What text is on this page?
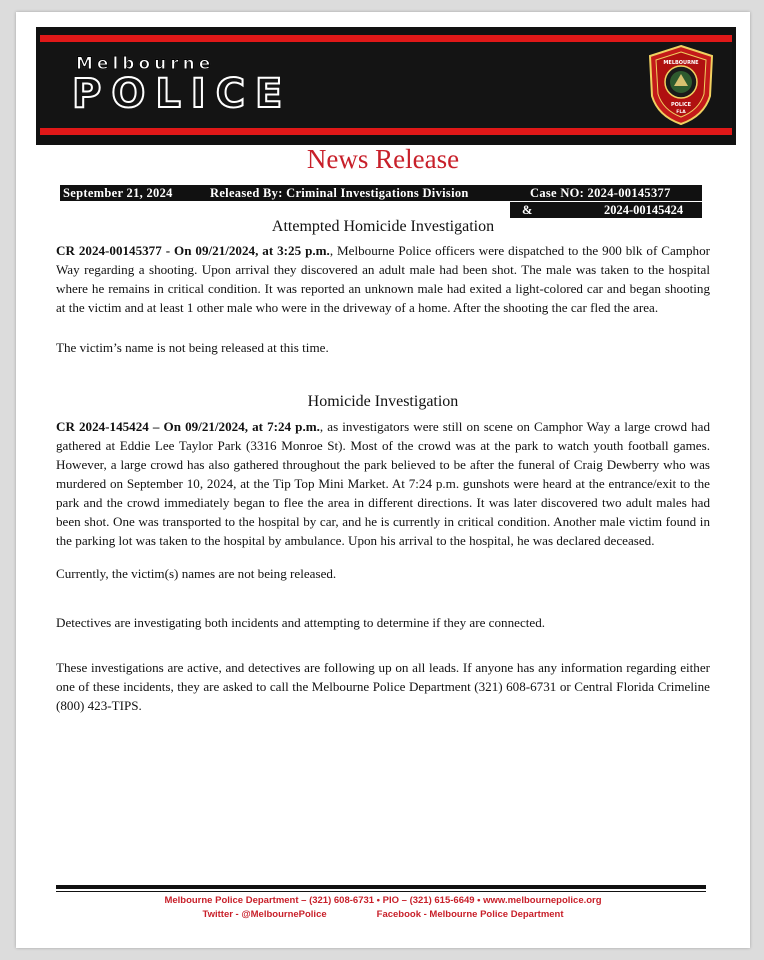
Melbourne
POLICE
MELBOURNE
POLICE
FLA
News Release
September 21, 2024	Released By: Criminal Investigations Division	Case NO: 2024-00145377
&	2024-00145424
Attempted Homicide Investigation
CR 2024-00145377 - On 09/21/2024, at 3:25 p.m., Melbourne Police officers were dispatched to the 900 blk of Camphor Way regarding a shooting. Upon arrival they discovered an adult male had been shot. The male was taken to the hospital where he remains in critical condition. It was reported an unknown male had exited a light-colored car and began shooting at the victim and at least 1 other male who were in the driveway of a home. After the shooting the car fled the area.
The victim’s name is not being released at this time.
Homicide Investigation
CR 2024-145424 – On 09/21/2024, at 7:24 p.m., as investigators were still on scene on Camphor Way a large crowd had gathered at Eddie Lee Taylor Park (3316 Monroe St). Most of the crowd was at the park to watch youth football games. However, a large crowd has also gathered throughout the park believed to be after the funeral of Craig Dewberry who was murdered on September 10, 2024, at the Tip Top Mini Market. At 7:24 p.m. gunshots were heard at the entrance/exit to the park and the crowd immediately began to flee the area in different directions. It was later discovered two adult males had been shot. One was transported to the hospital by car, and he is currently in critical condition. Another male victim found in the parking lot was taken to the hospital by ambulance. Upon his arrival to the hospital, he was declared deceased.
Currently, the victim(s) names are not being released.
Detectives are investigating both incidents and attempting to determine if they are connected.
These investigations are active, and detectives are following up on all leads. If anyone has any information regarding either one of these incidents, they are asked to call the Melbourne Police Department (321) 608-6731 or Central Florida Crimeline (800) 423-TIPS.
Melbourne Police Department – (321) 608-6731 • PIO – (321) 615-6649 • www.melbournepolice.org
Twitter - @MelbournePolice	Facebook - Melbourne Police Department
